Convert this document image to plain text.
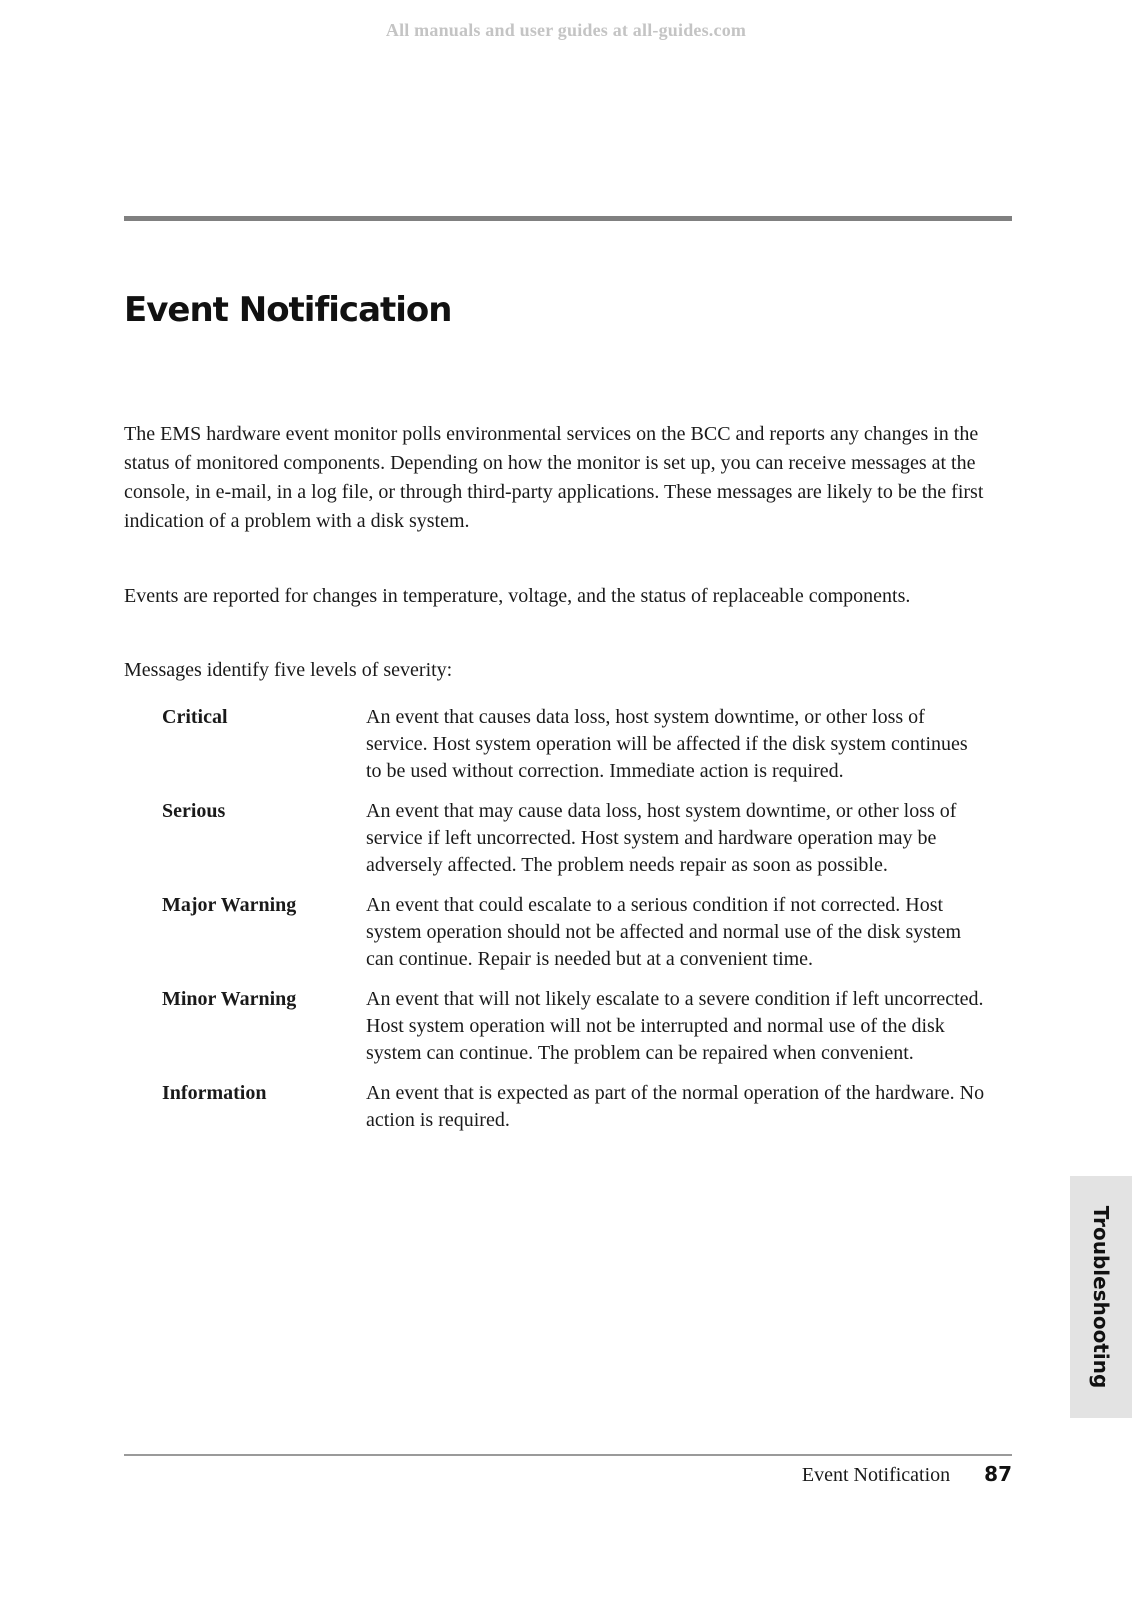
All manuals and user guides at all-guides.com
Event Notification

The EMS hardware event monitor polls environmental services on the BCC and reports any changes in the status of monitored components. Depending on how the monitor is set up, you can receive messages at the console, in e-mail, in a log file, or through third-party applications. These messages are likely to be the first indication of a problem with a disk system.

Events are reported for changes in temperature, voltage, and the status of replaceable components.

Messages identify five levels of severity:

Critical	An event that causes data loss, host system downtime, or other loss of service. Host system operation will be affected if the disk system continues to be used without correction. Immediate action is required.
Serious	An event that may cause data loss, host system downtime, or other loss of service if left uncorrected. Host system and hardware operation may be adversely affected. The problem needs repair as soon as possible.
Major Warning	An event that could escalate to a serious condition if not corrected. Host system operation should not be affected and normal use of the disk system can continue. Repair is needed but at a convenient time.
Minor Warning	An event that will not likely escalate to a severe condition if left uncorrected. Host system operation will not be interrupted and normal use of the disk system can continue. The problem can be repaired when convenient.
Information	An event that is expected as part of the normal operation of the hardware. No action is required.
Troubleshooting
Event Notification 87
